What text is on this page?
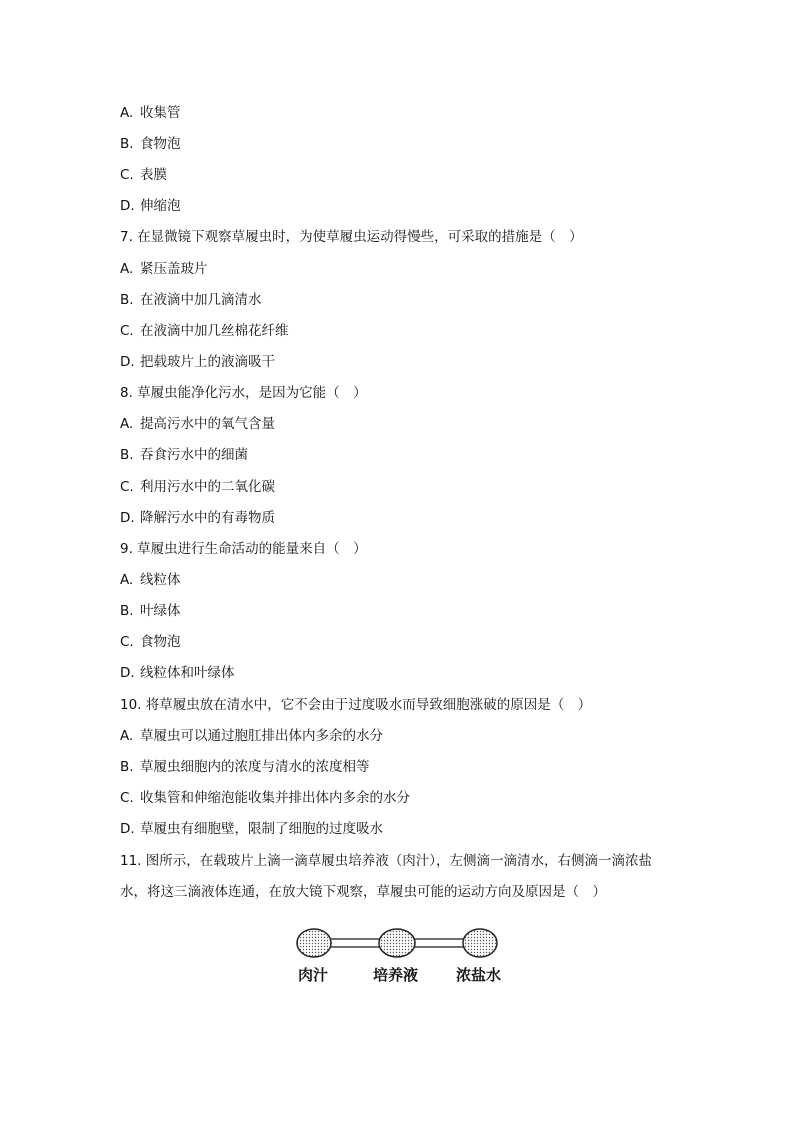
A. 收集管
B. 食物泡
C. 表膜
D. 伸缩泡
7. 在显微镜下观察草履虫时，为使草履虫运动得慢些，可采取的措施是（　）
A. 紧压盖玻片
B. 在液滴中加几滴清水
C. 在液滴中加几丝棉花纤维
D. 把载玻片上的液滴吸干
8. 草履虫能净化污水，是因为它能（　）
A. 提高污水中的氧气含量
B. 吞食污水中的细菌
C. 利用污水中的二氧化碳
D. 降解污水中的有毒物质
9. 草履虫进行生命活动的能量来自（　）
A. 线粒体
B. 叶绿体
C. 食物泡
D. 线粒体和叶绿体
10. 将草履虫放在清水中，它不会由于过度吸水而导致细胞涨破的原因是（　）
A. 草履虫可以通过胞肛排出体内多余的水分
B. 草履虫细胞内的浓度与清水的浓度相等
C. 收集管和伸缩泡能收集并排出体内多余的水分
D. 草履虫有细胞壁，限制了细胞的过度吸水
11. 图所示，在载玻片上滴一滴草履虫培养液（肉汁），左侧滴一滴清水，右侧滴一滴浓盐
水，将这三滴液体连通，在放大镜下观察，草履虫可能的运动方向及原因是（　）
肉汁	培养液	浓盐水
